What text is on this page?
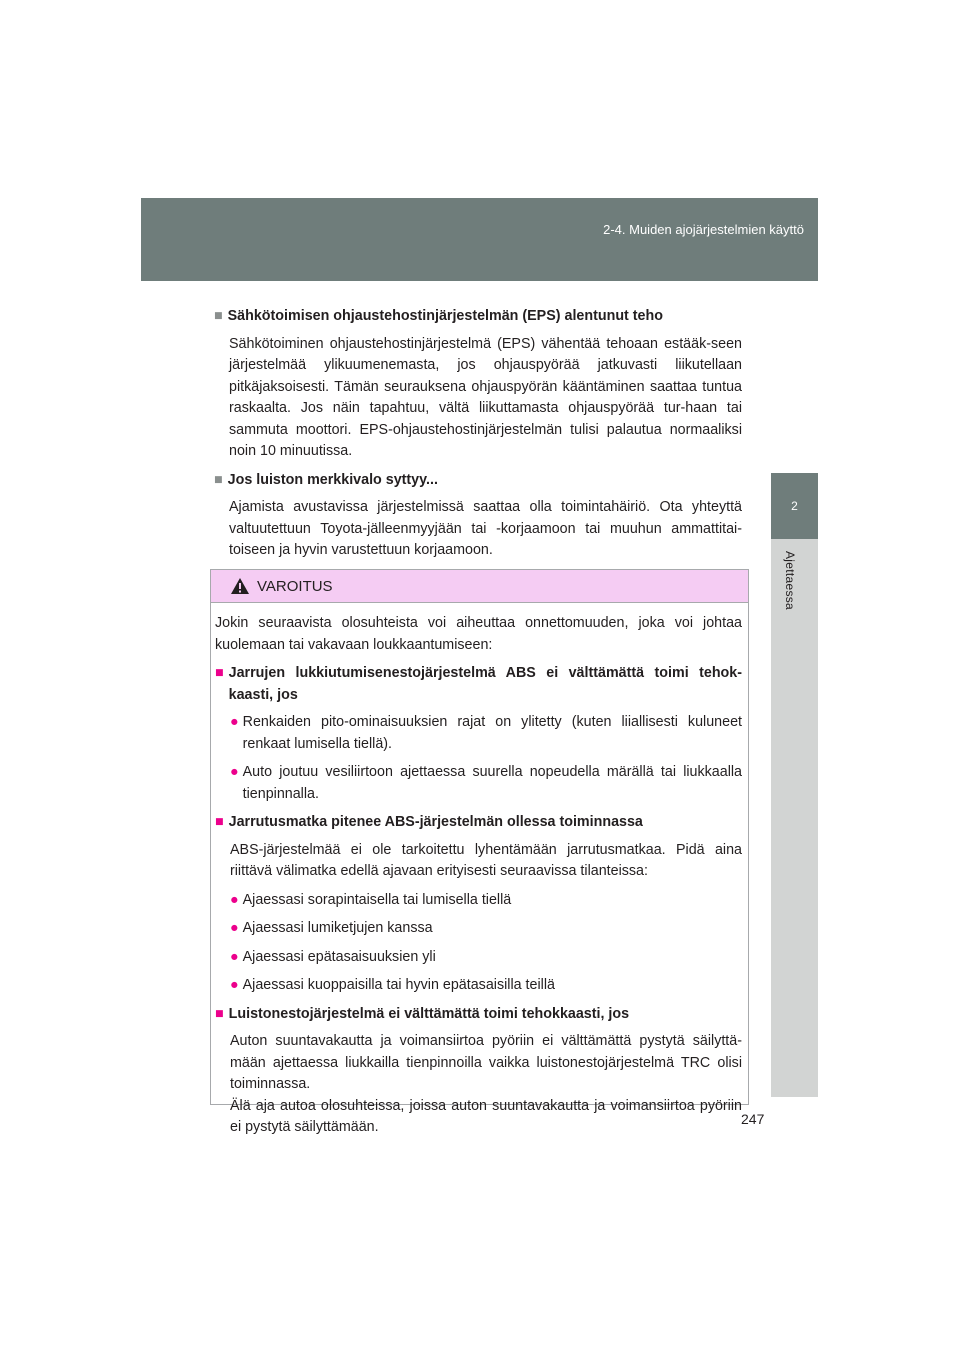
2-4. Muiden ajojärjestelmien käyttö
2
Ajettaessa
■ Sähkötoimisen ohjaustehostinjärjestelmän (EPS) alentunut teho
Sähkötoiminen ohjaustehostinjärjestelmä (EPS) vähentää tehoaan estääk-seen järjestelmää ylikuumenemasta, jos ohjauspyörää jatkuvasti liikutellaan pitkäjaksoisesti. Tämän seurauksena ohjauspyörän kääntäminen saattaa tuntua raskaalta. Jos näin tapahtuu, vältä liikuttamasta ohjauspyörää tur-haan tai sammuta moottori. EPS-ohjaustehostinjärjestelmän tulisi palautua normaaliksi noin 10 minuutissa.
■ Jos luiston merkkivalo syttyy...
Ajamista avustavissa järjestelmissä saattaa olla toimintahäiriö. Ota yhteyttä valtuutettuun Toyota-jälleenmyyjään tai -korjaamoon tai muuhun ammattitai-toiseen ja hyvin varustettuun korjaamoon.
VAROITUS
Jokin seuraavista olosuhteista voi aiheuttaa onnettomuuden, joka voi johtaa kuolemaan tai vakavaan loukkaantumiseen:
■ Jarrujen lukkiutumisenestojärjestelmä ABS ei välttämättä toimi tehok-kaasti, jos
● Renkaiden pito-ominaisuuksien rajat on ylitetty (kuten liiallisesti kuluneet renkaat lumisella tiellä).
● Auto joutuu vesiliirtoon ajettaessa suurella nopeudella märällä tai liukkaalla tienpinnalla.
■ Jarrutusmatka pitenee ABS-järjestelmän ollessa toiminnassa
ABS-järjestelmää ei ole tarkoitettu lyhentämään jarrutusmatkaa. Pidä aina riittävä välimatka edellä ajavaan erityisesti seuraavissa tilanteissa:
● Ajaessasi sorapintaisella tai lumisella tiellä
● Ajaessasi lumiketjujen kanssa
● Ajaessasi epätasaisuuksien yli
● Ajaessasi kuoppaisilla tai hyvin epätasaisilla teillä
■ Luistonestojärjestelmä ei välttämättä toimi tehokkaasti, jos
Auton suuntavakautta ja voimansiirtoa pyöriin ei välttämättä pystytä säilyttä-mään ajettaessa liukkailla tienpinnoilla vaikka luistonestojärjestelmä TRC olisi toiminnassa.
Älä aja autoa olosuhteissa, joissa auton suuntavakautta ja voimansiirtoa pyöriin ei pystytä säilyttämään.	247
